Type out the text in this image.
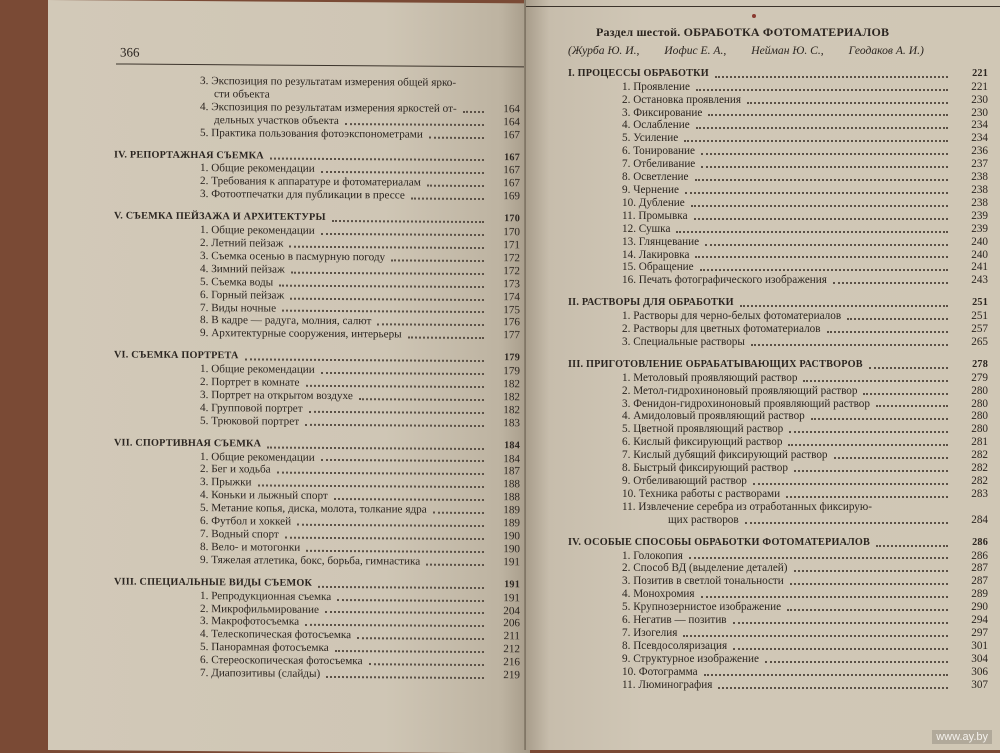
366
3. Экспозиция по результатам измерения общей ярко-
сти объекта
4. Экспозиция по результатам измерения яркостей от-	164
дельных участков объекта	164
5. Практика пользования фотоэкспонометрами	167
IV. РЕПОРТАЖНАЯ СЪЕМКА	167
1. Общие рекомендации	167
2. Требования к аппаратуре и фотоматериалам	167
3. Фотоотпечатки для публикации в прессе	169
V. СЪЕМКА ПЕЙЗАЖА И АРХИТЕКТУРЫ	170
1. Общие рекомендации	170
2. Летний пейзаж	171
3. Съемка осенью в пасмурную погоду	172
4. Зимний пейзаж	172
5. Съемка воды	173
6. Горный пейзаж	174
7. Виды ночные	175
8. В кадре — радуга, молния, салют	176
9. Архитектурные сооружения, интерьеры	177
VI. СЪЕМКА ПОРТРЕТА	179
1. Общие рекомендации	179
2. Портрет в комнате	182
3. Портрет на открытом воздухе	182
4. Групповой портрет	182
5. Трюковой портрет	183
VII. СПОРТИВНАЯ СЪЕМКА	184
1. Общие рекомендации	184
2. Бег и ходьба	187
3. Прыжки	188
4. Коньки и лыжный спорт	188
5. Метание копья, диска, молота, толкание ядра	189
6. Футбол и хоккей	189
7. Водный спорт	190
8. Вело- и мотогонки	190
9. Тяжелая атлетика, бокс, борьба, гимнастика	191
VIII. СПЕЦИАЛЬНЫЕ ВИДЫ СЪЕМОК	191
1. Репродукционная съемка	191
2. Микрофильмирование	204
3. Макрофотосъемка	206
4. Телескопическая фотосъемка	211
5. Панорамная фотосъемка	212
6. Стереоскопическая фотосъемка	216
7. Диапозитивы (слайды)	219
Раздел шестой. ОБРАБОТКА ФОТОМАТЕРИАЛОВ
(Журба Ю. И., Иофис Е. А., Нейман Ю. С., Геодаков А. И.)
I. ПРОЦЕССЫ ОБРАБОТКИ	221
1. Проявление	221
2. Остановка проявления	230
3. Фиксирование	230
4. Ослабление	234
5. Усиление	234
6. Тонирование	236
7. Отбеливание	237
8. Осветление	238
9. Чернение	238
10. Дубление	238
11. Промывка	239
12. Сушка	239
13. Глянцевание	240
14. Лакировка	240
15. Обращение	241
16. Печать фотографического изображения	243
II. РАСТВОРЫ ДЛЯ ОБРАБОТКИ	251
1. Растворы для черно-белых фотоматериалов	251
2. Растворы для цветных фотоматериалов	257
3. Специальные растворы	265
III. ПРИГОТОВЛЕНИЕ ОБРАБАТЫВАЮЩИХ РАСТВОРОВ	278
1. Метоловый проявляющий раствор	279
2. Метол-гидрохиноновый проявляющий раствор	280
3. Фенидон-гидрохиноновый проявляющий раствор	280
4. Амидоловый проявляющий раствор	280
5. Цветной проявляющий раствор	280
6. Кислый фиксирующий раствор	281
7. Кислый дубящий фиксирующий раствор	282
8. Быстрый фиксирующий раствор	282
9. Отбеливающий раствор	282
10. Техника работы с растворами	283
11. Извлечение серебра из отработанных фиксирую-
щих растворов	284
IV. ОСОБЫЕ СПОСОБЫ ОБРАБОТКИ ФОТОМАТЕРИАЛОВ	286
1. Голокопия	286
2. Способ ВД (выделение деталей)	287
3. Позитив в светлой тональности	287
4. Монохромия	289
5. Крупнозернистое изображение	290
6. Негатив — позитив	294
7. Изогелия	297
8. Псевдосоляризация	301
9. Структурное изображение	304
10. Фотограмма	306
11. Люминография	307
www.ay.by
